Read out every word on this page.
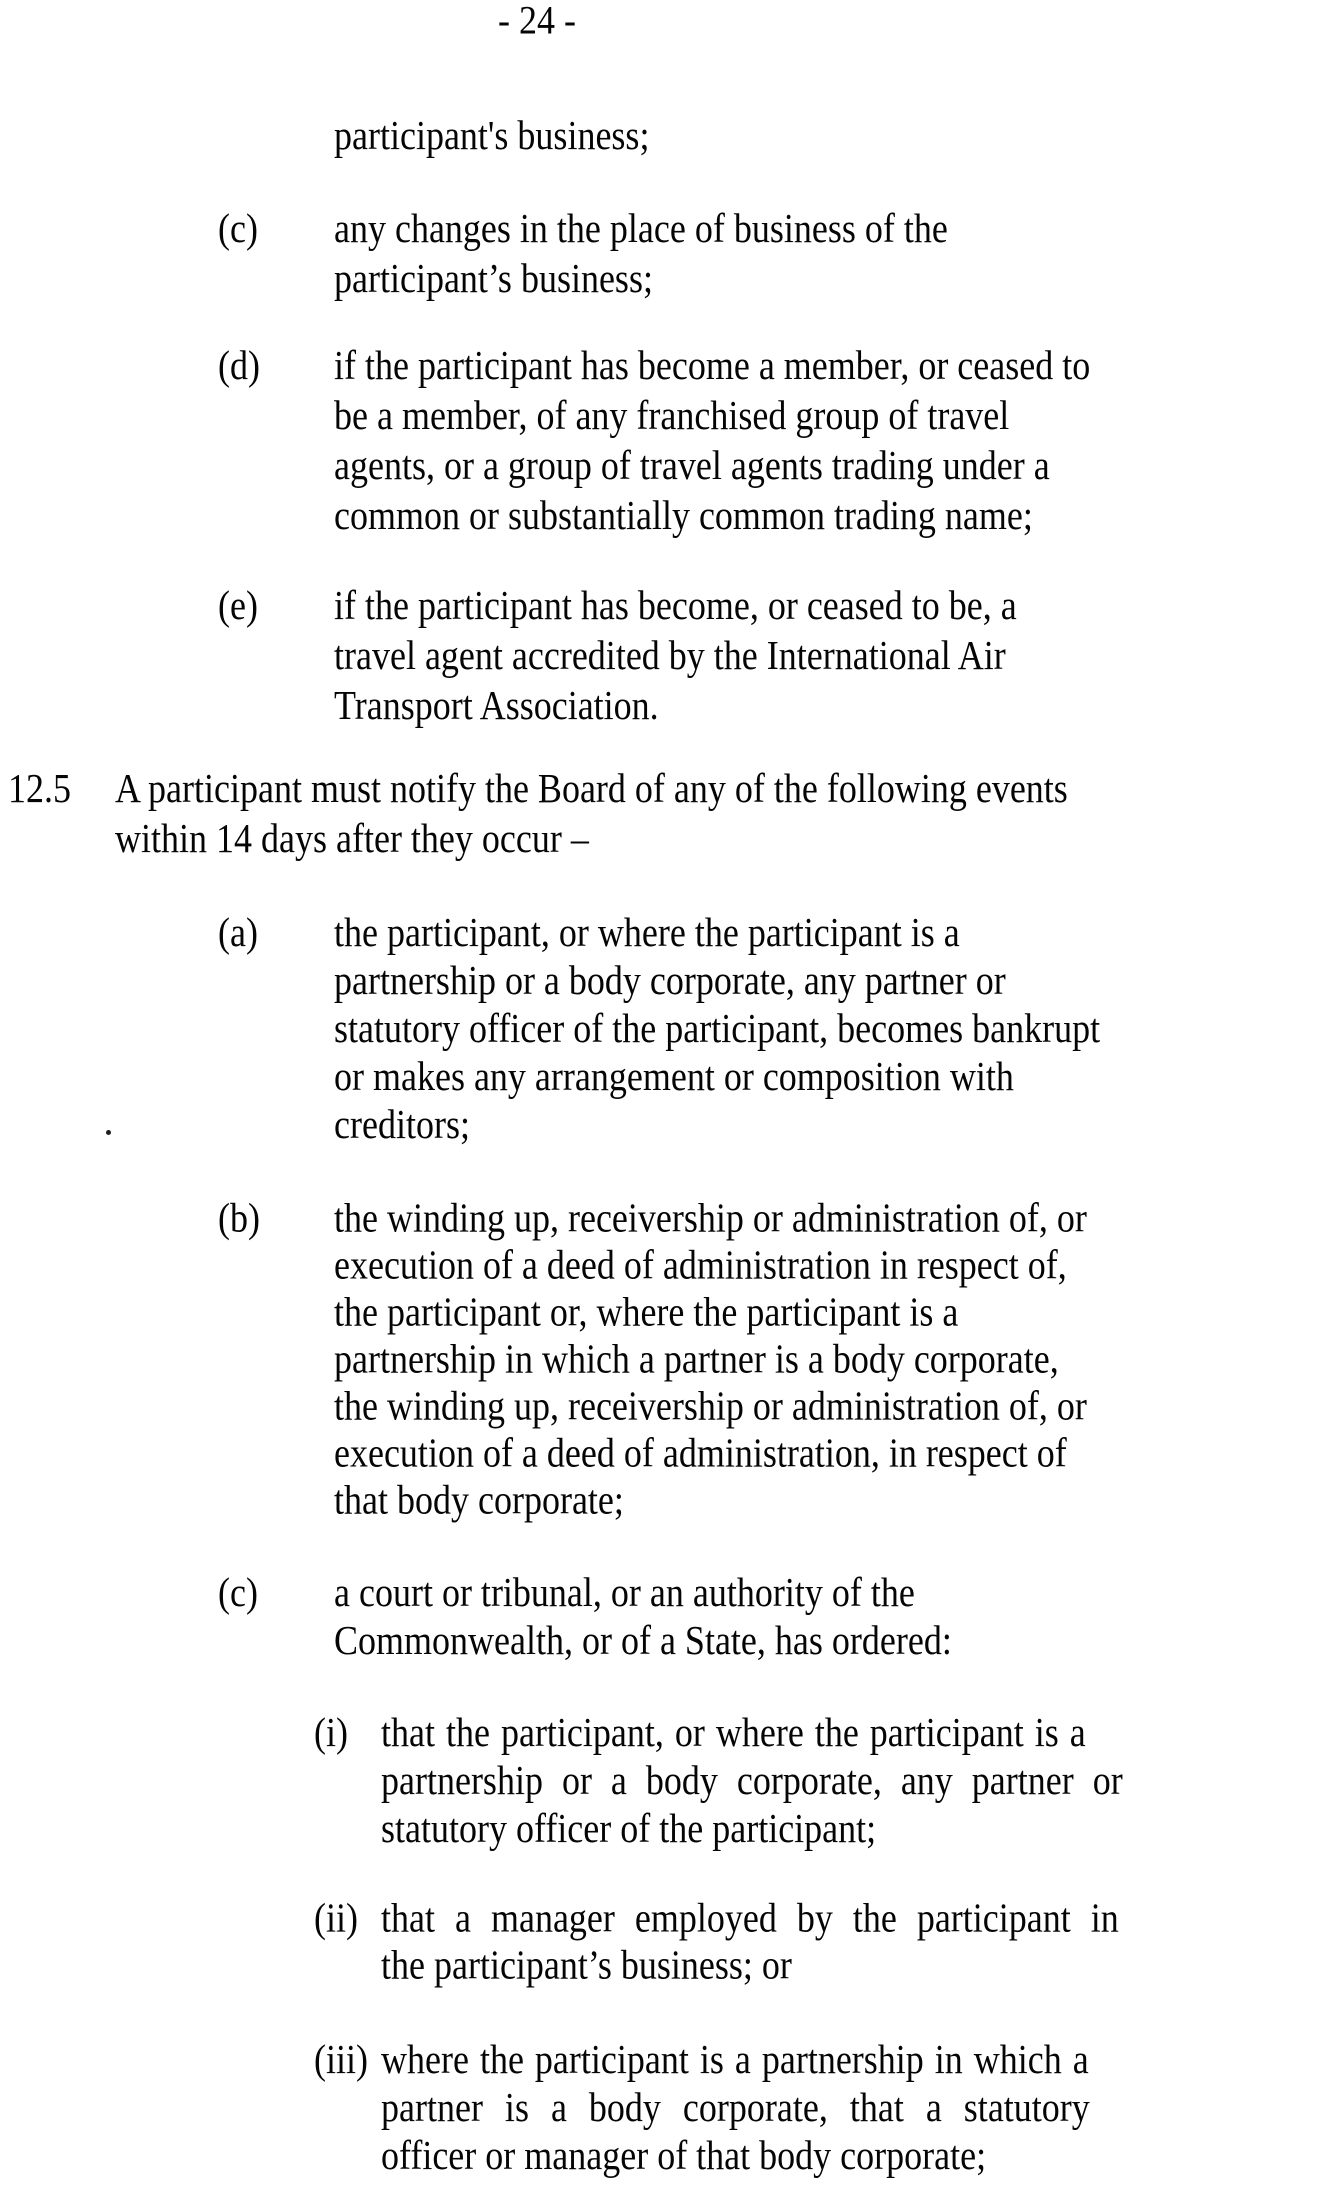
- 24 -
participant's business;
(c) any changes in the place of business of the
participant’s business;
(d) if the participant has become a member, or ceased to
be a member, of any franchised group of travel
agents, or a group of travel agents trading under a
common or substantially common trading name;
(e) if the participant has become, or ceased to be, a
travel agent accredited by the International Air
Transport Association.
12.5 A participant must notify the Board of any of the following events
within 14 days after they occur –
(a) the participant, or where the participant is a
partnership or a body corporate, any partner or
statutory officer of the participant, becomes bankrupt
or makes any arrangement or composition with
creditors;
(b) the winding up, receivership or administration of, or
execution of a deed of administration in respect of,
the participant or, where the participant is a
partnership in which a partner is a body corporate,
the winding up, receivership or administration of, or
execution of a deed of administration, in respect of
that body corporate;
(c) a court or tribunal, or an authority of the
Commonwealth, or of a State, has ordered:
(i) that the participant, or where the participant is a
partnership or a body corporate, any partner or
statutory officer of the participant;
(ii) that a manager employed by the participant in
the participant’s business; or
(iii) where the participant is a partnership in which a
partner is a body corporate, that a statutory
officer or manager of that body corporate;
